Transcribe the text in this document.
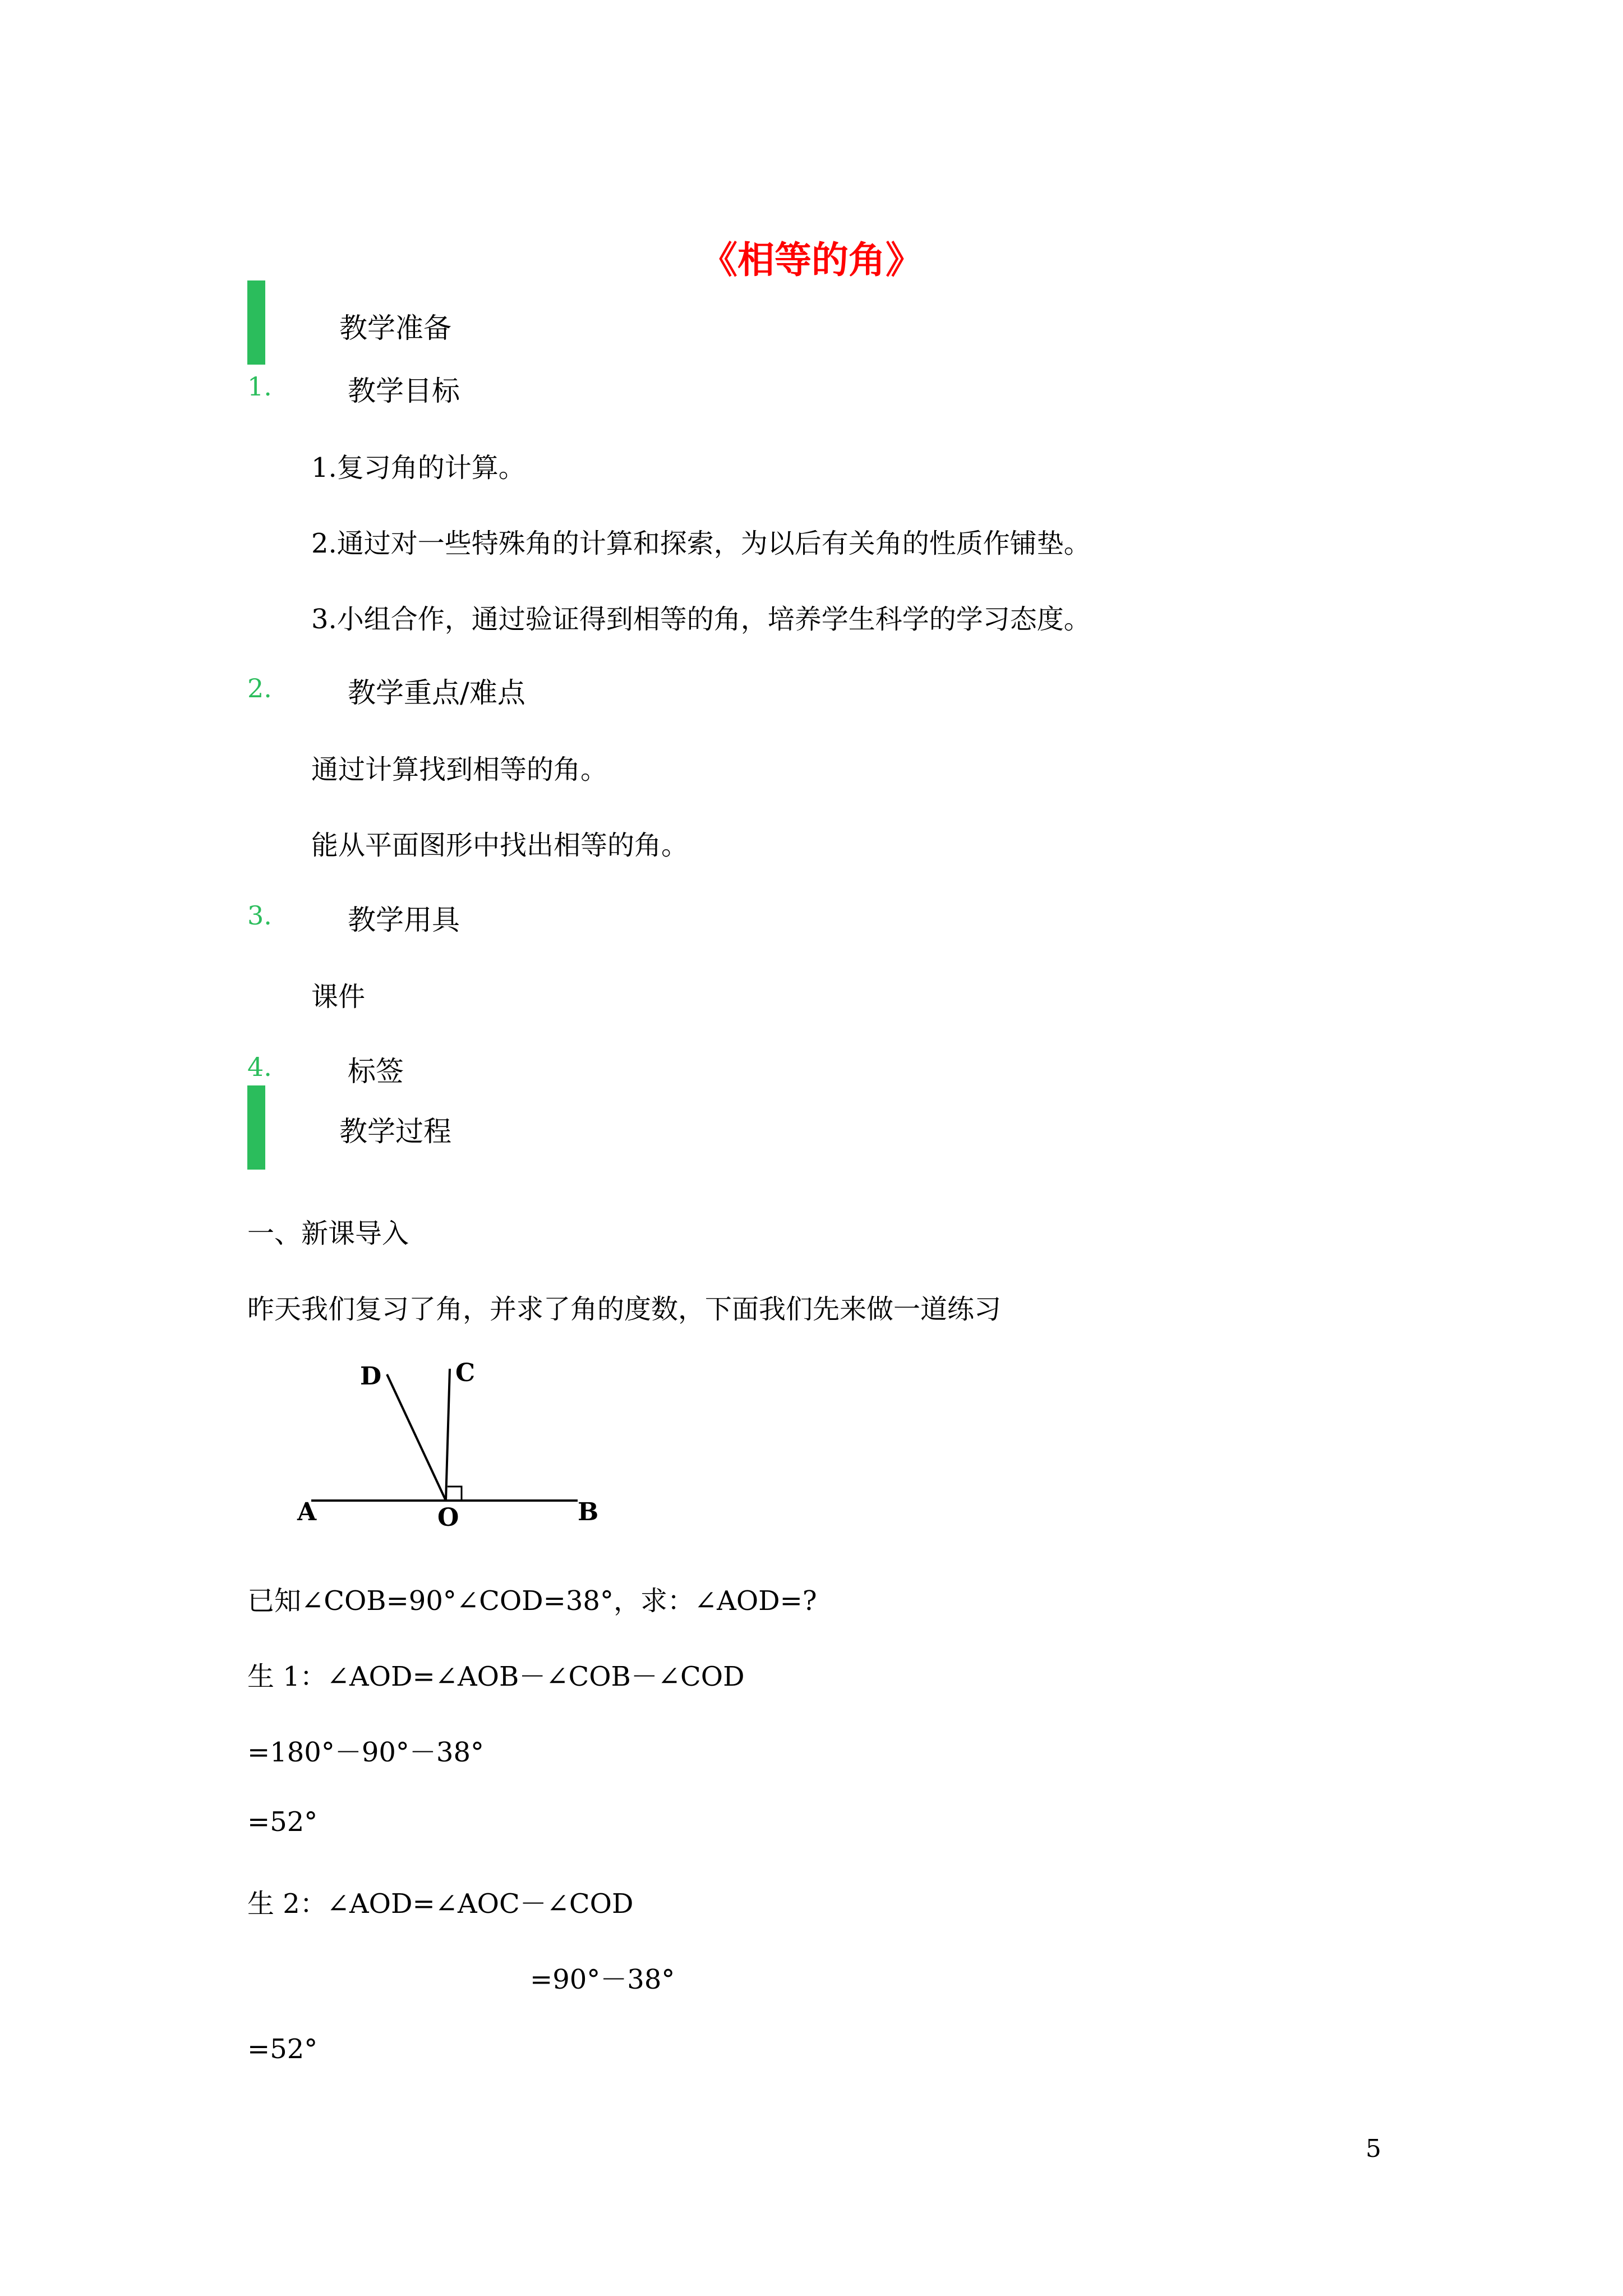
《相等的角》
教学准备
1.	教学目标
1.复习角的计算。
2.通过对一些特殊角的计算和探索，为以后有关角的性质作铺垫。
3.小组合作，通过验证得到相等的角，培养学生科学的学习态度。
2.	教学重点/难点
通过计算找到相等的角。
能从平面图形中找出相等的角。
3.	教学用具
课件
4.	标签
教学过程
一、新课导入
昨天我们复习了角，并求了角的度数，下面我们先来做一道练习
A	O	B
C
D
已知∠COB=90°∠COD=38°，求：∠AOD=?
生 1：∠AOD=∠AOB－∠COB－∠COD
=180°－90°－38°
=52°
生 2：∠AOD=∠AOC－∠COD
=90°－38°
=52°
5
